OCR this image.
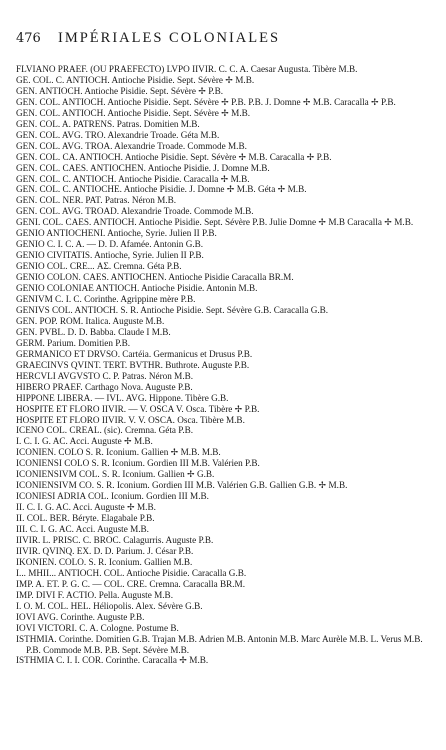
476	IMPÉRIALES COLONIALES
FLVIANO PRAEF. (OU PRAEFECTO) LVPO IIVIR. C. C. A. Caesar Augusta. Tibère M.B.
GE. COL. C. ANTIOCH. Antioche Pisidie. Sept. Sévère ✢ M.B.
GEN. ANTIOCH. Antioche Pisidie. Sept. Sévère ✢ P.B.
GEN. COL. ANTIOCH. Antioche Pisidie. Sept. Sévère ✢ P.B. P.B. J. Domne ✢ M.B. Caracalla ✢ P.B.
GEN. COL. ANTIOCH. Antioche Pisidie. Sept. Sévère ✢ M.B.
GEN. COL. A. PATRENS. Patras. Domitien M.B.
GEN. COL. AVG. TRO. Alexandrie Troade. Géta M.B.
GEN. COL. AVG. TROA. Alexandrie Troade. Commode M.B.
GEN. COL. CA. ANTIOCH. Antioche Pisidie. Sept. Sévère ✢ M.B. Caracalla ✢ P.B.
GEN. COL. CAES. ANTIOCHEN. Antioche Pisidie. J. Domne M.B.
GEN. COL. C. ANTIOCH. Antioche Pisidie. Caracalla ✢ M.B.
GEN. COL. C. ANTIOCHE. Antioche Pisidie. J. Domne ✢ M.B. Géta ✢ M.B.
GEN. COL. NER. PAT. Patras. Néron M.B.
GEN. COL. AVG. TROAD. Alexandrie Troade. Commode M.B.
GENI. COL. CAES. ANTIOCH. Antioche Pisidie. Sept. Sévère P.B. Julie Domne ✢ M.B Caracalla ✢ M.B.
GENIO ANTIOCHENI. Antioche, Syrie. Julien II P.B.
GENIO C. I. C. A. — D. D. Afamée. Antonin G.B.
GENIO CIVITATIS. Antioche, Syrie. Julien II P.B.
GENIO COL. CRE... ΑΣ. Cremna. Géta P.B.
GENIO COLON. CAES. ANTIOCHEN. Antioche Pisidie Caracalla BR.M.
GENIO COLONIAE ANTIOCH. Antioche Pisidie. Antonin M.B.
GENIVM C. I. C. Corinthe. Agrippine mère P.B.
GENIVS COL. ANTIOCH. S. R. Antioche Pisidie. Sept. Sévère G.B. Caracalla G.B.
GEN. POP. ROM. Italica. Auguste M.B.
GEN. PVBL. D. D. Babba. Claude I M.B.
GERM. Parium. Domitien P.B.
GERMANICO ET DRVSO. Cartéia. Germanicus et Drusus P.B.
GRAECINVS QVINT. TERT. BVTHR. Buthrote. Auguste P.B.
HERCVLI AVGVSTO C. P. Patras. Néron M.B.
HIBERO PRAEF. Carthago Nova. Auguste P.B.
HIPPONE LIBERA. — IVL. AVG. Hippone. Tibère G.B.
HOSPITE ET FLORO IIVIR. — V. OSCA V. Osca. Tibère ✢ P.B.
HOSPITE ET FLORO IIVIR. V. V. OSCA. Osca. Tibère M.B.
ICENO COL. CREAL. (sic). Cremna. Géta P.B.
I. C. I. G. AC. Acci. Auguste ✢ M.B.
ICONIEN. COLO S. R. Iconium. Gallien ✢ M.B. M.B.
ICONIENSI COLO S. R. Iconium. Gordien III M.B. Valérien P.B.
ICONIENSIVM COL. S. R. Iconium. Gallien ✢ G.B.
ICONIENSIVM CO. S. R. Iconium. Gordien III M.B. Valérien G.B. Gallien G.B. ✢ M.B.
ICONIESI ADRIA COL. Iconium. Gordien III M.B.
II. C. I. G. AC. Acci. Auguste ✢ M.B.
II. COL. BER. Béryte. Elagabale P.B.
III. C. I. G. AC. Acci. Auguste M.B.
IIVIR. L. PRISC. C. BROC. Calagurris. Auguste P.B.
IIVIR. QVINQ. EX. D. D. Parium. J. César P.B.
IKONIEN. COLO. S. R. Iconium. Gallien M.B.
I... MHII... ANTIOCH. COL. Antioche Pisidie. Caracalla G.B.
IMP. A. ET. P. G. C. — COL. CRE. Cremna. Caracalla BR.M.
IMP. DIVI F. ACTIO. Pella. Auguste M.B.
I. O. M. COL. HEL. Héliopolis. Alex. Sévère G.B.
IOVI AVG. Corinthe. Auguste P.B.
IOVI VICTORI. C. A. Cologne. Postume B.
ISTHMIA. Corinthe. Domitien G.B. Trajan M.B. Adrien M.B. Antonin M.B. Marc Aurèle M.B. L. Verus M.B. P.B. Commode M.B. P.B. Sept. Sévère M.B.
ISTHMIA C. I. I. COR. Corinthe. Caracalla ✢ M.B.
